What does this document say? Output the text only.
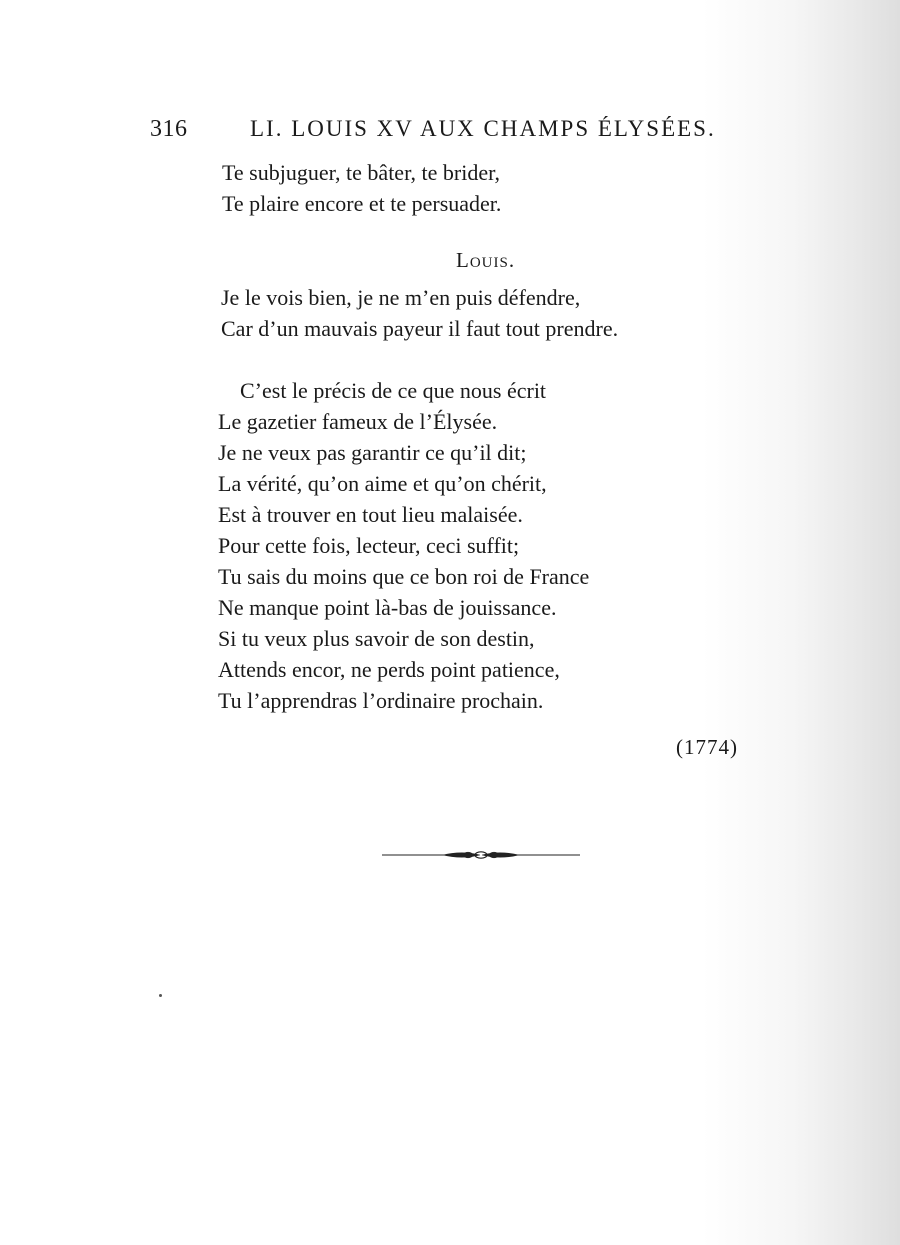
316	LI. LOUIS XV AUX CHAMPS ÉLYSÉES.
Te subjuguer, te bâter, te brider,
Te plaire encore et te persuader.
Louis.
Je le vois bien, je ne m’en puis défendre,
Car d’un mauvais payeur il faut tout prendre.
C’est le précis de ce que nous écrit
Le gazetier fameux de l’Élysée.
Je ne veux pas garantir ce qu’il dit;
La vérité, qu’on aime et qu’on chérit,
Est à trouver en tout lieu malaisée.
Pour cette fois, lecteur, ceci suffit;
Tu sais du moins que ce bon roi de France
Ne manque point là-bas de jouissance.
Si tu veux plus savoir de son destin,
Attends encor, ne perds point patience,
Tu l’apprendras l’ordinaire prochain.
(1774)
